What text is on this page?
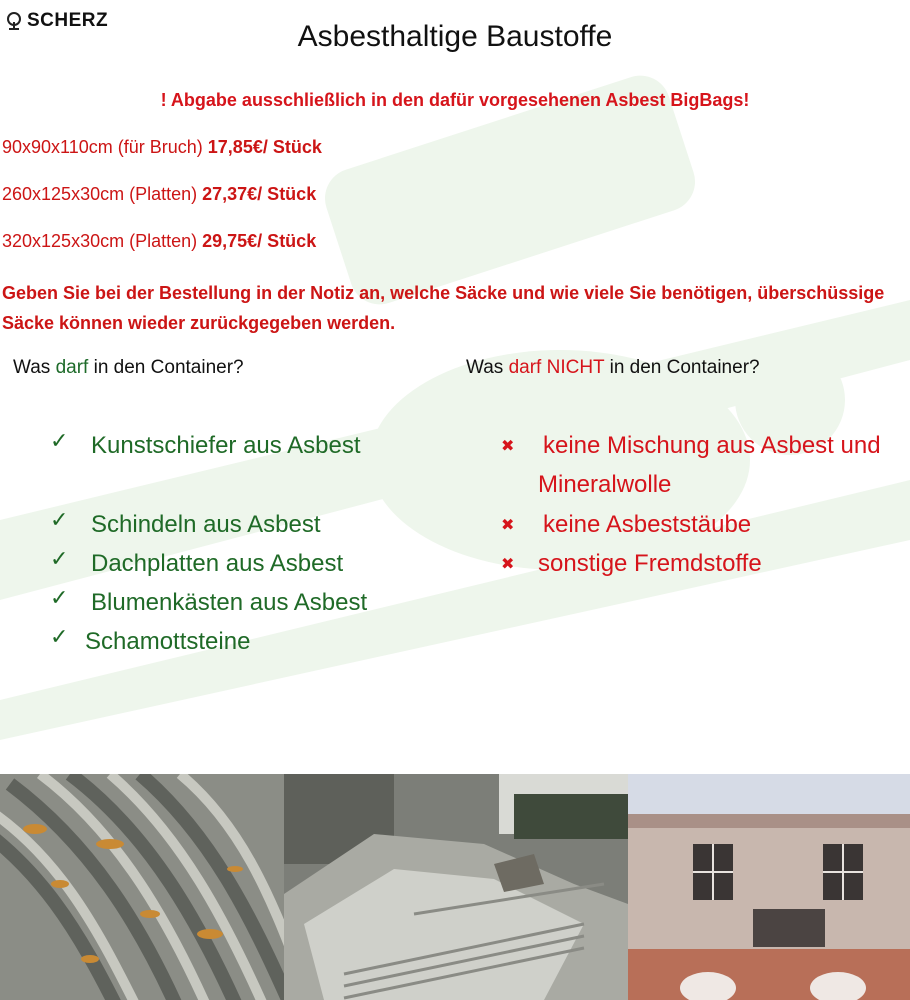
SCHERZ	Asbesthaltige Baustoffe
! Abgabe ausschließlich in den dafür vorgesehenen Asbest BigBags!
90x90x110cm (für Bruch) 17,85€/ Stück
260x125x30cm (Platten) 27,37€/ Stück
320x125x30cm (Platten) 29,75€/ Stück
Geben Sie bei der Bestellung in der Notiz an, welche Säcke und wie viele Sie benötigen, überschüssige Säcke können wieder zurückgegeben werden.
Was darf in den Container?	Was darf NICHT in den Container?
✓ Kunstschiefer aus Asbest
✓ Schindeln aus Asbest
✓ Dachplatten aus Asbest
✓ Blumenkästen aus Asbest
✓ Schamottsteine
✖ keine Mischung aus Asbest und
Mineralwolle
✖ keine Asbeststäube
✖ sonstige Fremdstoffe
